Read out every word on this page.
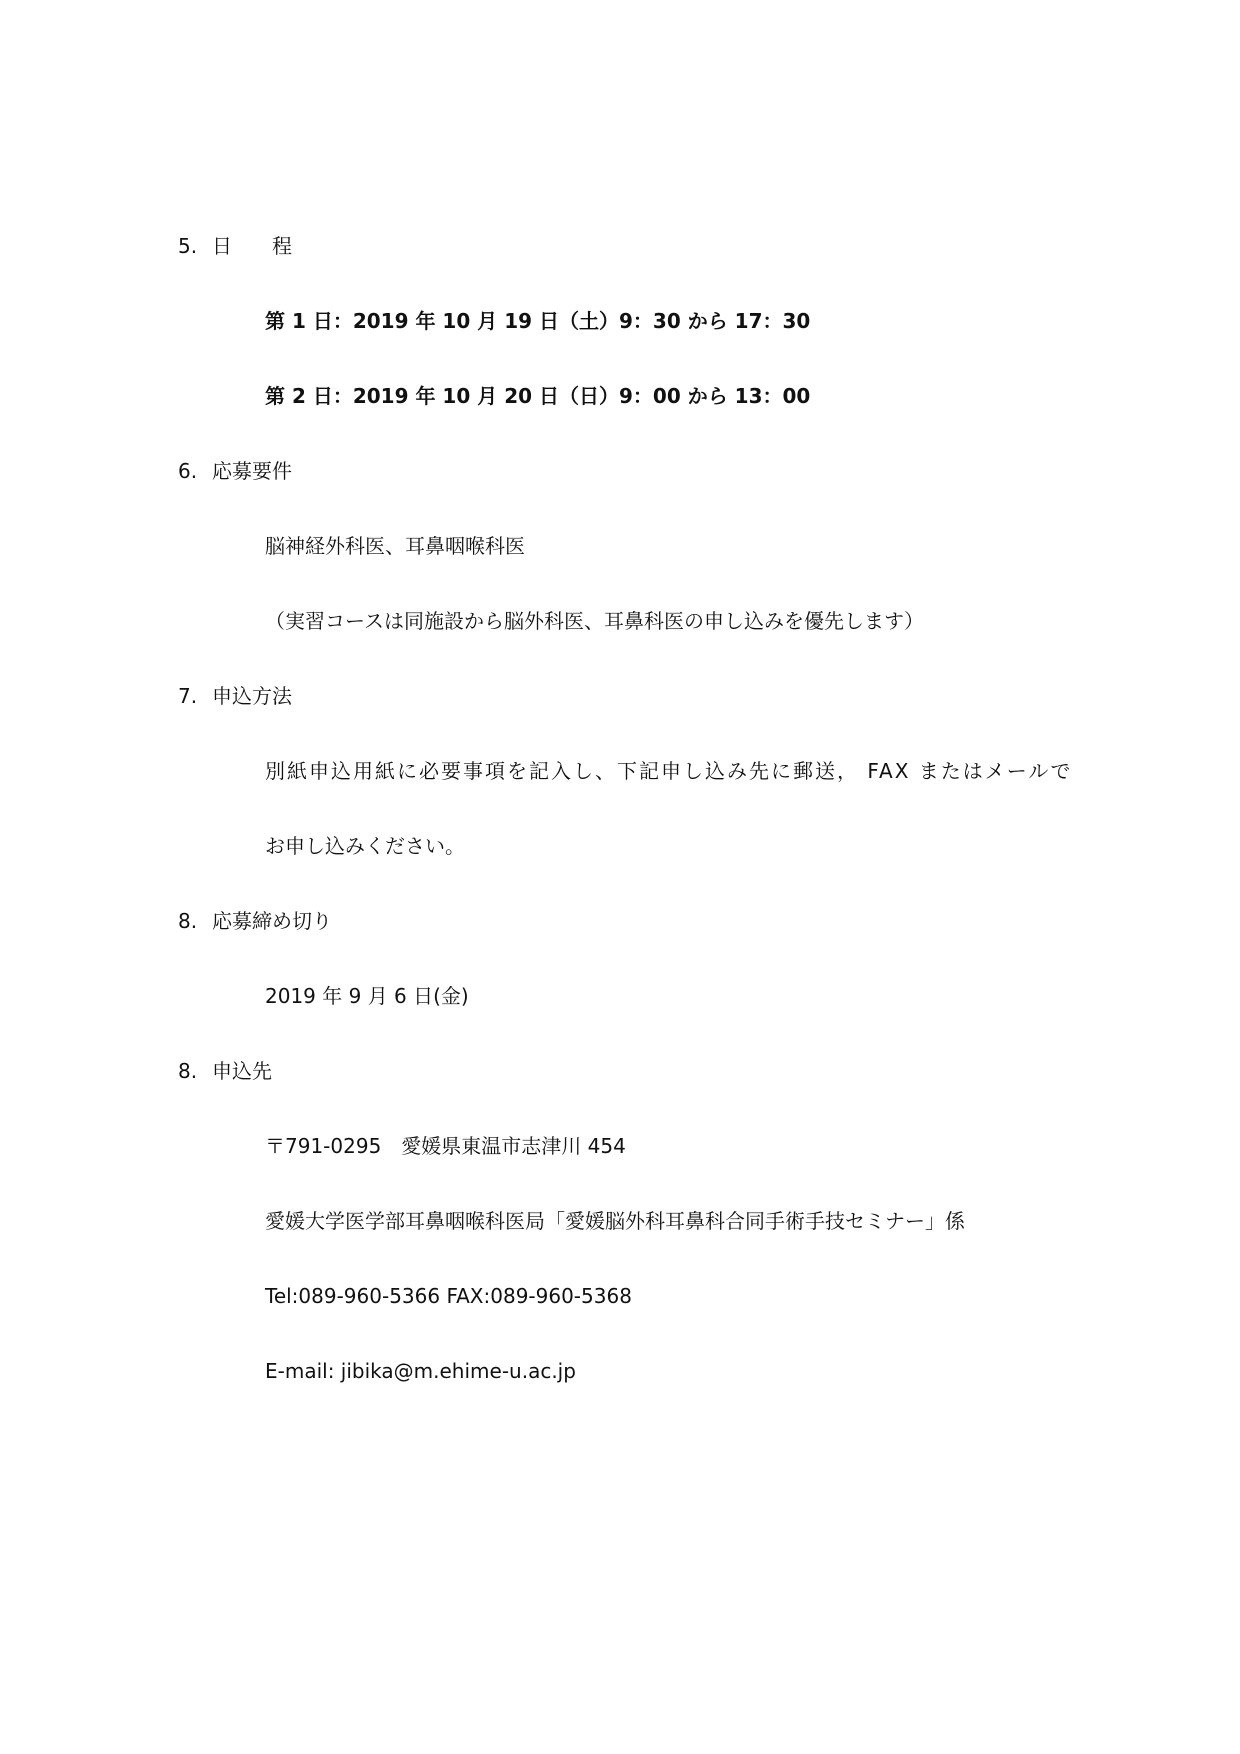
5. 日　　程
第 1 日：2019 年 10 月 19 日（土）9：30 から 17：30
第 2 日：2019 年 10 月 20 日（日）9：00 から 13：00
6. 応募要件
脳神経外科医、耳鼻咽喉科医
（実習コースは同施設から脳外科医、耳鼻科医の申し込みを優先します）
7. 申込方法
別紙申込用紙に必要事項を記入し、下記申し込み先に郵送， FAX またはメールで
お申し込みください。
8. 応募締め切り
2019 年 9 月 6 日(金)
8. 申込先
〒791-0295　愛媛県東温市志津川 454
愛媛大学医学部耳鼻咽喉科医局「愛媛脳外科耳鼻科合同手術手技セミナー」係
Tel:089-960-5366 FAX:089-960-5368
E-mail: jibika@m.ehime-u.ac.jp
